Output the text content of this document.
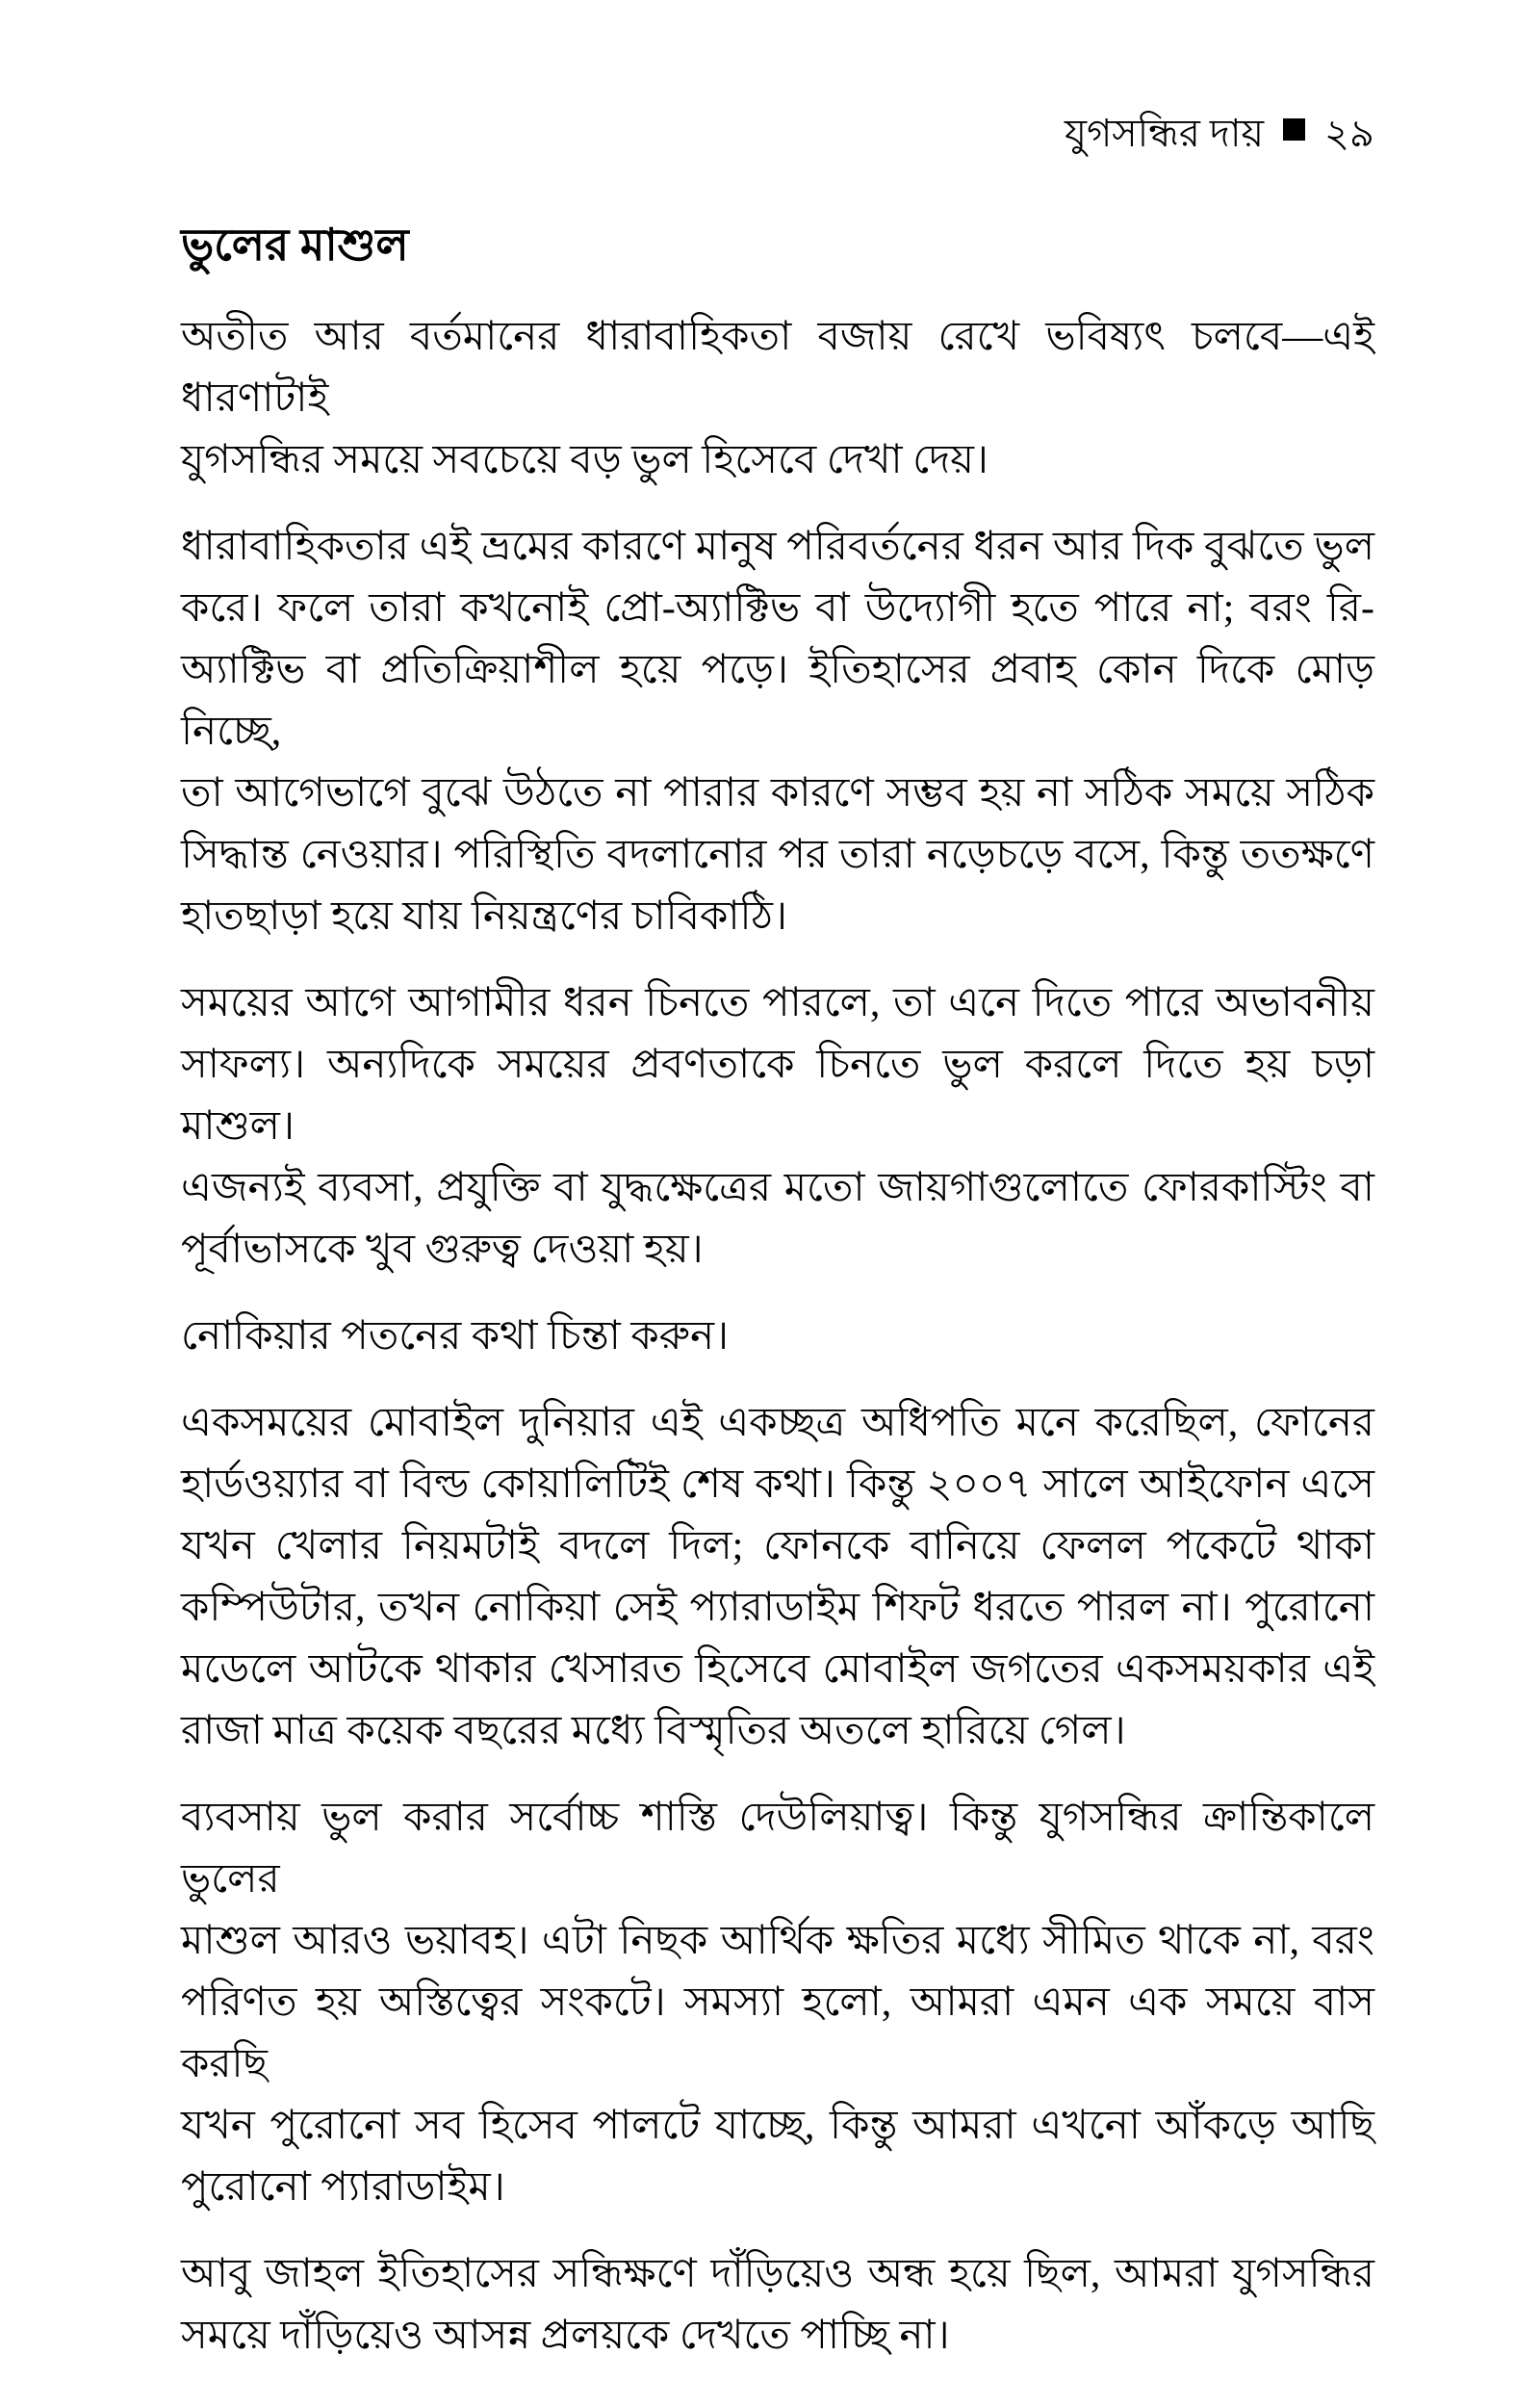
যুগসন্ধির দায় ২৯
ভুলের মাশুল
অতীত আর বর্তমানের ধারাবাহিকতা বজায় রেখে ভবিষ্যৎ চলবে—এই ধারণাটাই
যুগসন্ধির সময়ে সবচেয়ে বড় ভুল হিসেবে দেখা দেয়।
ধারাবাহিকতার এই ভ্রমের কারণে মানুষ পরিবর্তনের ধরন আর দিক বুঝতে ভুল
করে। ফলে তারা কখনোই প্রো-অ্যাক্টিভ বা উদ্যোগী হতে পারে না; বরং রি-
অ্যাক্টিভ বা প্রতিক্রিয়াশীল হয়ে পড়ে। ইতিহাসের প্রবাহ কোন দিকে মোড় নিচ্ছে,
তা আগেভাগে বুঝে উঠতে না পারার কারণে সম্ভব হয় না সঠিক সময়ে সঠিক
সিদ্ধান্ত নেওয়ার। পরিস্থিতি বদলানোর পর তারা নড়েচড়ে বসে, কিন্তু ততক্ষণে
হাতছাড়া হয়ে যায় নিয়ন্ত্রণের চাবিকাঠি।
সময়ের আগে আগামীর ধরন চিনতে পারলে, তা এনে দিতে পারে অভাবনীয়
সাফল্য। অন্যদিকে সময়ের প্রবণতাকে চিনতে ভুল করলে দিতে হয় চড়া মাশুল।
এজন্যই ব্যবসা, প্রযুক্তি বা যুদ্ধক্ষেত্রের মতো জায়গাগুলোতে ফোরকাস্টিং বা
পূর্বাভাসকে খুব গুরুত্ব দেওয়া হয়।
নোকিয়ার পতনের কথা চিন্তা করুন।
একসময়ের মোবাইল দুনিয়ার এই একচ্ছত্র অধিপতি মনে করেছিল, ফোনের
হার্ডওয়্যার বা বিল্ড কোয়ালিটিই শেষ কথা। কিন্তু ২০০৭ সালে আইফোন এসে
যখন খেলার নিয়মটাই বদলে দিল; ফোনকে বানিয়ে ফেলল পকেটে থাকা
কম্পিউটার, তখন নোকিয়া সেই প্যারাডাইম শিফট ধরতে পারল না। পুরোনো
মডেলে আটকে থাকার খেসারত হিসেবে মোবাইল জগতের একসময়কার এই
রাজা মাত্র কয়েক বছরের মধ্যে বিস্মৃতির অতলে হারিয়ে গেল।
ব্যবসায় ভুল করার সর্বোচ্চ শাস্তি দেউলিয়াত্ব। কিন্তু যুগসন্ধির ক্রান্তিকালে ভুলের
মাশুল আরও ভয়াবহ। এটা নিছক আর্থিক ক্ষতির মধ্যে সীমিত থাকে না, বরং
পরিণত হয় অস্তিত্বের সংকটে। সমস্যা হলো, আমরা এমন এক সময়ে বাস করছি
যখন পুরোনো সব হিসেব পালটে যাচ্ছে, কিন্তু আমরা এখনো আঁকড়ে আছি
পুরোনো প্যারাডাইম।
আবু জাহল ইতিহাসের সন্ধিক্ষণে দাঁড়িয়েও অন্ধ হয়ে ছিল, আমরা যুগসন্ধির
সময়ে দাঁড়িয়েও আসন্ন প্রলয়কে দেখতে পাচ্ছি না।
